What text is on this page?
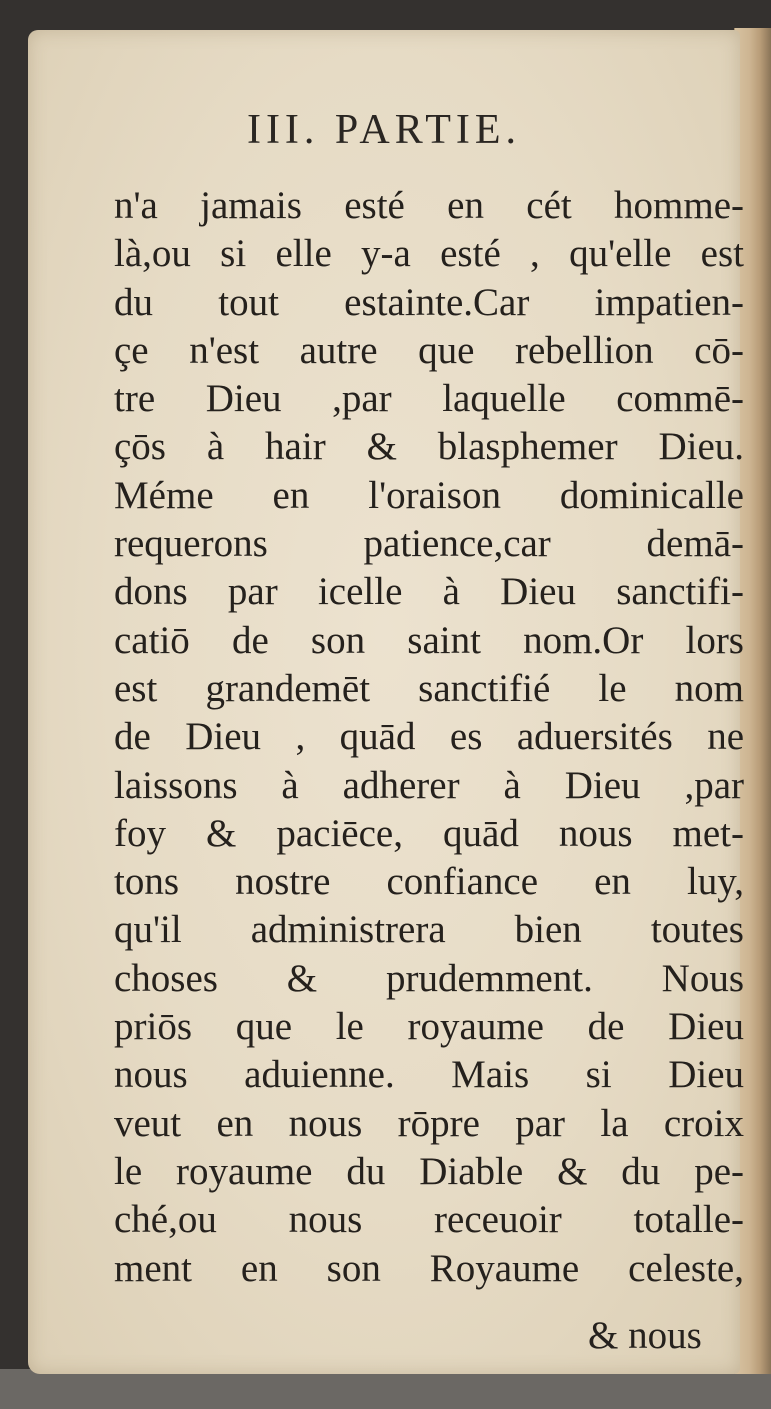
III. PARTIE.
n'a jamais esté en cét homme-
là,ou si elle y-a esté , qu'elle est
du tout estainte.Car impatien-
çe n'est autre que rebellion cō-
tre Dieu ,par laquelle commē-
çōs à hair & blasphemer Dieu.
Méme en l'oraison dominicalle
requerons patience,car demā-
dons par icelle à Dieu sanctifi-
catiō de son saint nom.Or lors
est grandemēt sanctifié le nom
de Dieu , quād es aduersités ne
laissons à adherer à Dieu ,par
foy & paciēce, quād nous met-
tons nostre confiance en luy,
qu'il administrera bien toutes
choses & prudemment. Nous
priōs que le royaume de Dieu
nous aduienne. Mais si Dieu
veut en nous rōpre par la croix
le royaume du Diable & du pe-
ché,ou nous receuoir totalle-
ment en son Royaume celeste,
& nous
